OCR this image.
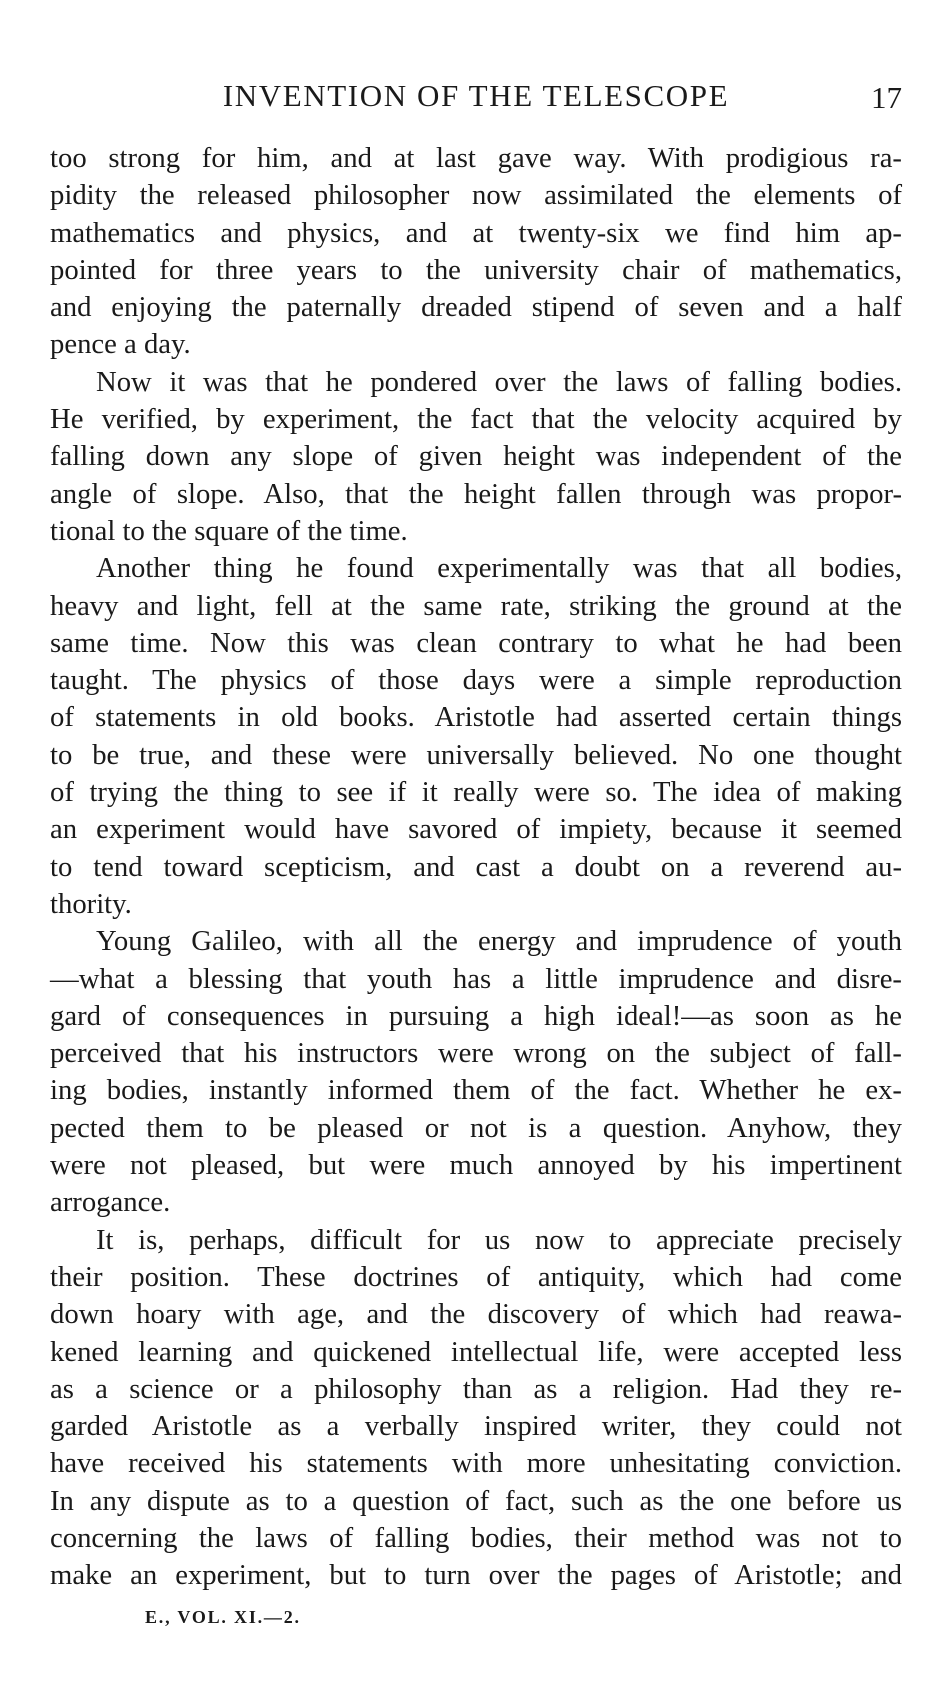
INVENTION OF THE TELESCOPE	17
too strong for him, and at last gave way. With prodigious ra-
pidity the released philosopher now assimilated the elements of
mathematics and physics, and at twenty-six we find him ap-
pointed for three years to the university chair of mathematics,
and enjoying the paternally dreaded stipend of seven and a half
pence a day.
Now it was that he pondered over the laws of falling bodies.
He verified, by experiment, the fact that the velocity acquired by
falling down any slope of given height was independent of the
angle of slope. Also, that the height fallen through was propor-
tional to the square of the time.
Another thing he found experimentally was that all bodies,
heavy and light, fell at the same rate, striking the ground at the
same time. Now this was clean contrary to what he had been
taught. The physics of those days were a simple reproduction
of statements in old books. Aristotle had asserted certain things
to be true, and these were universally believed. No one thought
of trying the thing to see if it really were so. The idea of making
an experiment would have savored of impiety, because it seemed
to tend toward scepticism, and cast a doubt on a reverend au-
thority.
Young Galileo, with all the energy and imprudence of youth
—what a blessing that youth has a little imprudence and disre-
gard of consequences in pursuing a high ideal!—as soon as he
perceived that his instructors were wrong on the subject of fall-
ing bodies, instantly informed them of the fact. Whether he ex-
pected them to be pleased or not is a question. Anyhow, they
were not pleased, but were much annoyed by his impertinent
arrogance.
It is, perhaps, difficult for us now to appreciate precisely
their position. These doctrines of antiquity, which had come
down hoary with age, and the discovery of which had reawa-
kened learning and quickened intellectual life, were accepted less
as a science or a philosophy than as a religion. Had they re-
garded Aristotle as a verbally inspired writer, they could not
have received his statements with more unhesitating conviction.
In any dispute as to a question of fact, such as the one before us
concerning the laws of falling bodies, their method was not to
make an experiment, but to turn over the pages of Aristotle; and
E., VOL. XI.—2.
